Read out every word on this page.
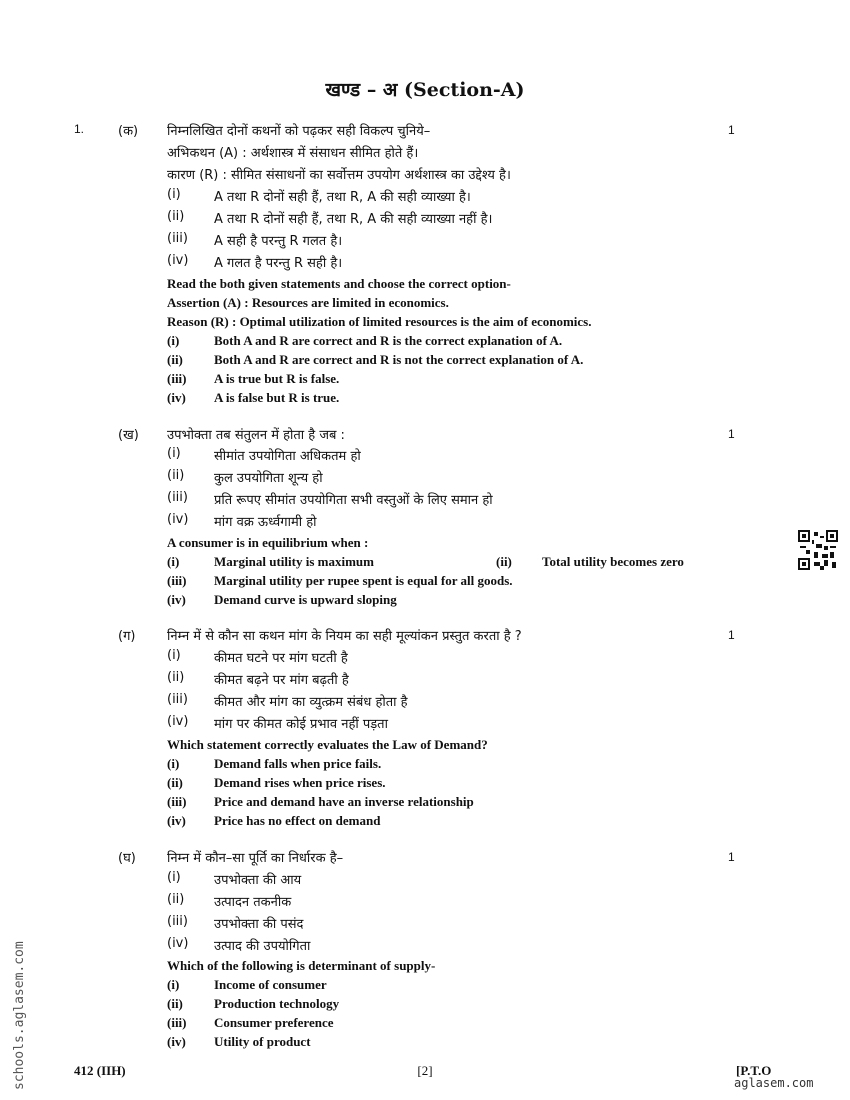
खण्ड – अ (Section-A)
1.	(क) निम्नलिखित दोनों कथनों को पढ़कर सही विकल्प चुनिये–	1
अभिकथन (A) : अर्थशास्त्र में संसाधन सीमित होते हैं।
कारण (R) : सीमित संसाधनों का सर्वोत्तम उपयोग अर्थशास्त्र का उद्देश्य है।
(i)	A तथा R दोनों सही हैं, तथा R, A की सही व्याख्या है।
(ii) A तथा R दोनों सही हैं, तथा R, A की सही व्याख्या नहीं है।
(iii) A सही है परन्तु R गलत है।
(iv) A गलत है परन्तु R सही है।
Read the both given statements and choose the correct option-
Assertion (A) : Resources are limited in economics.
Reason (R) : Optimal utilization of limited resources is the aim of economics.
(i)	Both A and R are correct and R is the correct explanation of A.
(ii) Both A and R are correct and R is not the correct explanation of A.
(iii) A is true but R is false.
(iv) A is false but R is true.
(ख) उपभोक्ता तब संतुलन में होता है जब :	1
(i)	सीमांत उपयोगिता अधिकतम हो
(ii) कुल उपयोगिता शून्य हो
(iii) प्रति रूपए सीमांत उपयोगिता सभी वस्तुओं के लिए समान हो
(iv) मांग वक्र ऊर्ध्वगामी हो
A consumer is in equilibrium when :
(i)	Marginal utility is maximum	(ii) Total utility becomes zero
(iii) Marginal utility per rupee spent is equal for all goods.
(iv) Demand curve is upward sloping
(ग) निम्न में से कौन सा कथन मांग के नियम का सही मूल्यांकन प्रस्तुत करता है ?	1
(i)	कीमत घटने पर मांग घटती है
(ii) कीमत बढ़ने पर मांग बढ़ती है
(iii) कीमत और मांग का व्युत्क्रम संबंध होता है
(iv) मांग पर कीमत कोई प्रभाव नहीं पड़ता
Which statement correctly evaluates the Law of Demand?
(i)	Demand falls when price fails.
(ii) Demand rises when price rises.
(iii) Price and demand have an inverse relationship
(iv) Price has no effect on demand
(घ) निम्न में कौन–सा पूर्ति का निर्धारक है–	1
(i)	उपभोक्ता की आय
(ii) उत्पादन तकनीक
(iii) उपभोक्ता की पसंद
(iv) उत्पाद की उपयोगिता
Which of the following is determinant of supply-
(i)	Income of consumer
(ii) Production technology
(iii) Consumer preference
(iv) Utility of product
schools.aglasem.com	412 (IIH)	[2]	[P.T.O
aglasem.com
